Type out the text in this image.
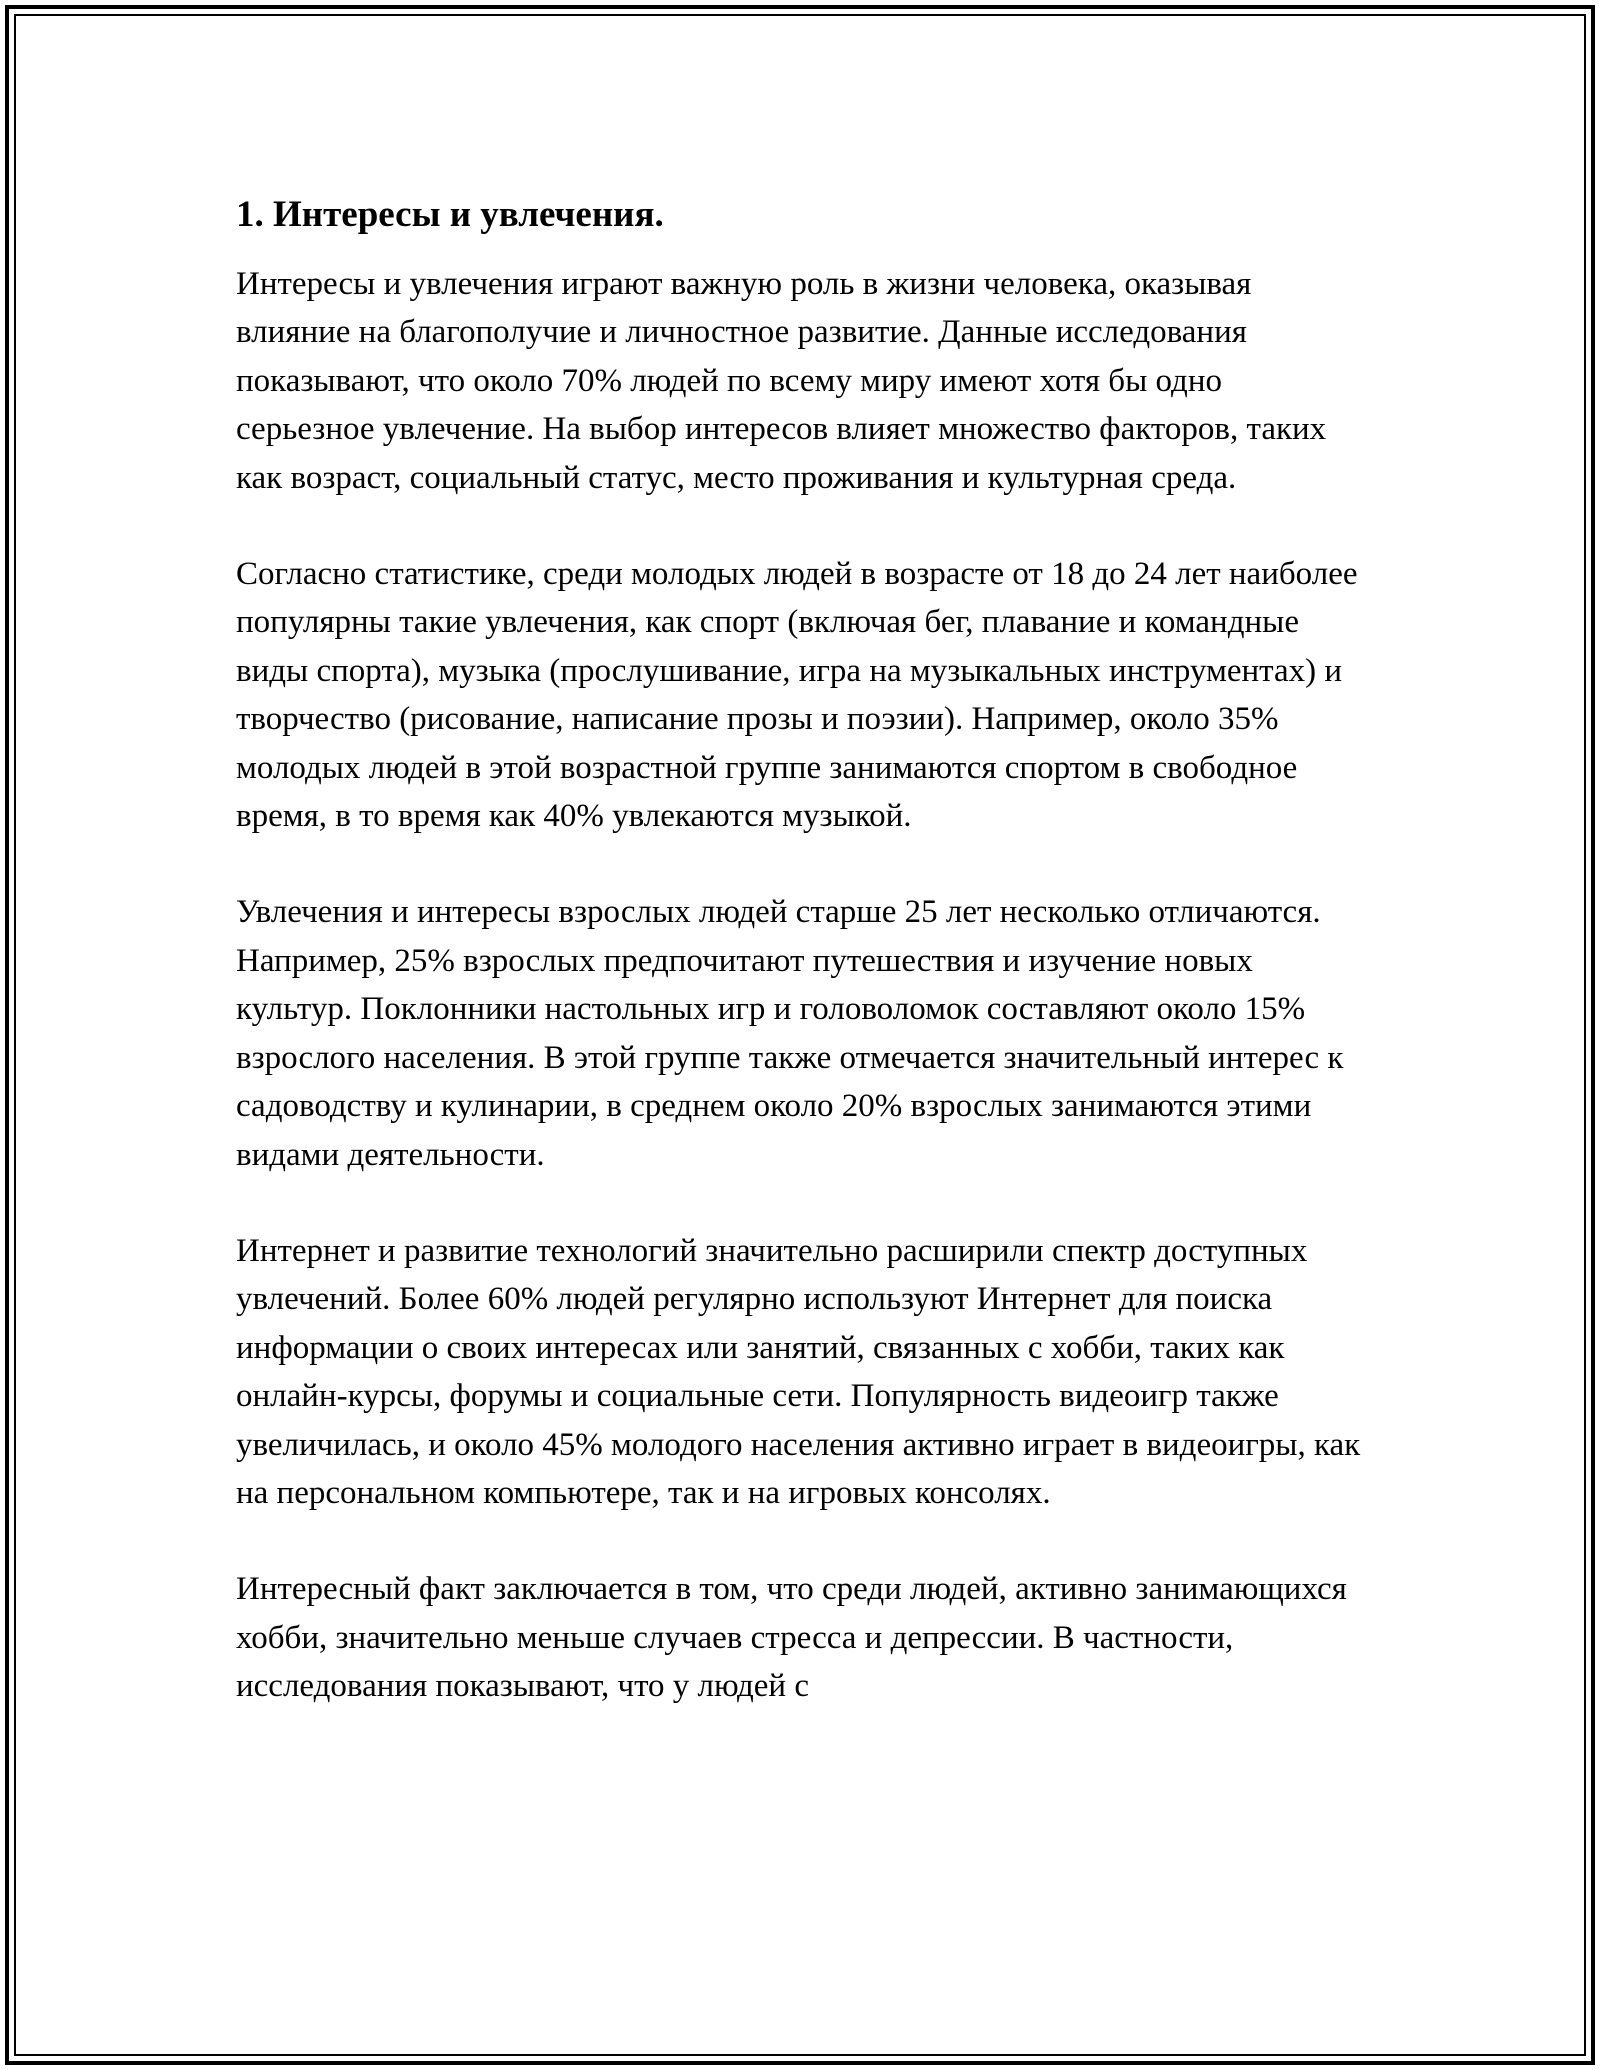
1. Интересы и увлечения.

Интересы и увлечения играют важную роль в жизни человека, оказывая влияние на благополучие и личностное развитие. Данные исследования показывают, что около 70% людей по всему миру имеют хотя бы одно серьезное увлечение. На выбор интересов влияет множество факторов, таких как возраст, социальный статус, место проживания и культурная среда.

Согласно статистике, среди молодых людей в возрасте от 18 до 24 лет наиболее популярны такие увлечения, как спорт (включая бег, плавание и командные виды спорта), музыка (прослушивание, игра на музыкальных инструментах) и творчество (рисование, написание прозы и поэзии). Например, около 35% молодых людей в этой возрастной группе занимаются спортом в свободное время, в то время как 40% увлекаются музыкой.

Увлечения и интересы взрослых людей старше 25 лет несколько отличаются. Например, 25% взрослых предпочитают путешествия и изучение новых культур. Поклонники настольных игр и головоломок составляют около 15% взрослого населения. В этой группе также отмечается значительный интерес к садоводству и кулинарии, в среднем около 20% взрослых занимаются этими видами деятельности.

Интернет и развитие технологий значительно расширили спектр доступных увлечений. Более 60% людей регулярно используют Интернет для поиска информации о своих интересах или занятий, связанных с хобби, таких как онлайн-курсы, форумы и социальные сети. Популярность видеоигр также увеличилась, и около 45% молодого населения активно играет в видеоигры, как на персональном компьютере, так и на игровых консолях.

Интересный факт заключается в том, что среди людей, активно занимающихся хобби, значительно меньше случаев стресса и депрессии. В частности, исследования показывают, что у людей с
